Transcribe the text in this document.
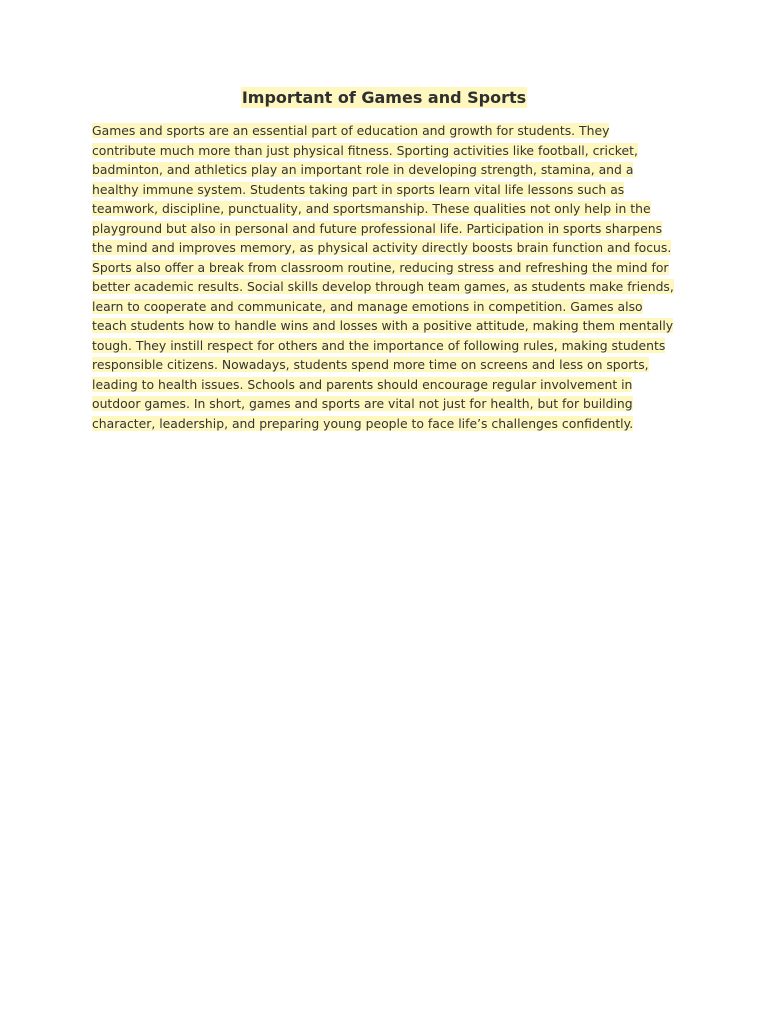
Important of Games and Sports

Games and sports are an essential part of education and growth for students. They contribute much more than just physical fitness. Sporting activities like football, cricket, badminton, and athletics play an important role in developing strength, stamina, and a healthy immune system. Students taking part in sports learn vital life lessons such as teamwork, discipline, punctuality, and sportsmanship. These qualities not only help in the playground but also in personal and future professional life. Participation in sports sharpens the mind and improves memory, as physical activity directly boosts brain function and focus. Sports also offer a break from classroom routine, reducing stress and refreshing the mind for better academic results. Social skills develop through team games, as students make friends, learn to cooperate and communicate, and manage emotions in competition. Games also teach students how to handle wins and losses with a positive attitude, making them mentally tough. They instill respect for others and the importance of following rules, making students responsible citizens. Nowadays, students spend more time on screens and less on sports, leading to health issues. Schools and parents should encourage regular involvement in outdoor games. In short, games and sports are vital not just for health, but for building character, leadership, and preparing young people to face life’s challenges confidently.
